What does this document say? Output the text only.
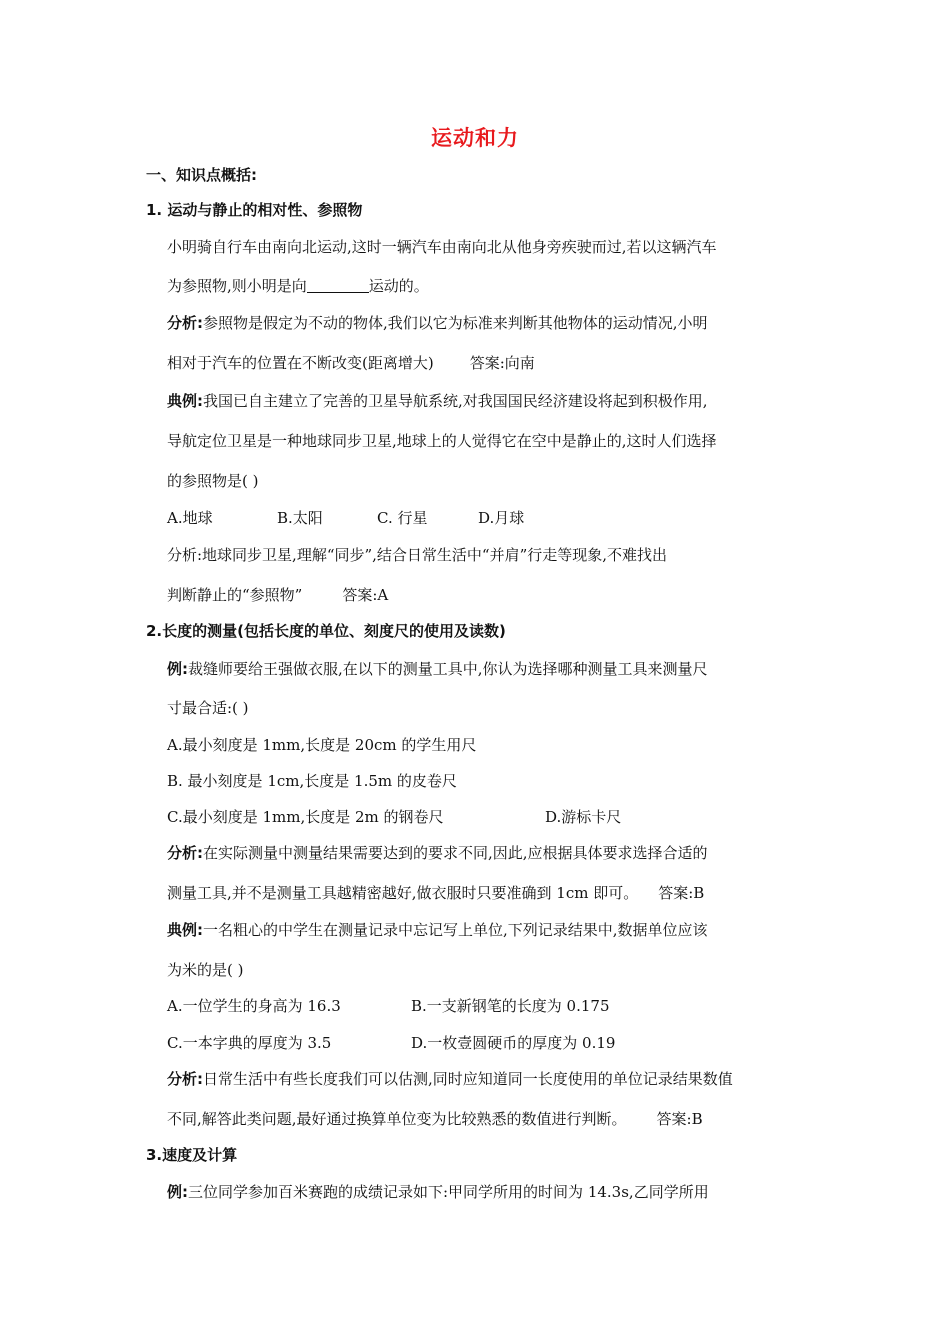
运动和力
一、知识点概括:
1. 运动与静止的相对性、参照物
小明骑自行车由南向北运动,这时一辆汽车由南向北从他身旁疾驶而过,若以这辆汽车
为参照物,则小明是向	运动的。
分析:参照物是假定为不动的物体,我们以它为标准来判断其他物体的运动情况,小明
相对于汽车的位置在不断改变(距离增大) 答案:向南
典例:我国已自主建立了完善的卫星导航系统,对我国国民经济建设将起到积极作用,
导航定位卫星是一种地球同步卫星,地球上的人觉得它在空中是静止的,这时人们选择
的参照物是( )
A.地球	B.太阳	C. 行星	D.月球
分析:地球同步卫星,理解“同步”,结合日常生活中“并肩”行走等现象,不难找出
判断静止的“参照物”	答案:A
2.长度的测量(包括长度的单位、刻度尺的使用及读数)
例:裁缝师要给王强做衣服,在以下的测量工具中,你认为选择哪种测量工具来测量尺
寸最合适:( )
A.最小刻度是 1mm,长度是 20cm 的学生用尺
B. 最小刻度是 1cm,长度是 1.5m 的皮卷尺
C.最小刻度是 1mm,长度是 2m 的钢卷尺	D.游标卡尺
分析:在实际测量中测量结果需要达到的要求不同,因此,应根据具体要求选择合适的
测量工具,并不是测量工具越精密越好,做衣服时只要准确到 1cm 即可。 答案:B
典例:一名粗心的中学生在测量记录中忘记写上单位,下列记录结果中,数据单位应该
为米的是( )
A.一位学生的身高为 16.3	B.一支新钢笔的长度为 0.175
C.一本字典的厚度为 3.5	D.一枚壹圆硬币的厚度为 0.19
分析:日常生活中有些长度我们可以估测,同时应知道同一长度使用的单位记录结果数值
不同,解答此类问题,最好通过换算单位变为比较熟悉的数值进行判断。 答案:B
3.速度及计算
例:三位同学参加百米赛跑的成绩记录如下:甲同学所用的时间为 14.3s,乙同学所用
